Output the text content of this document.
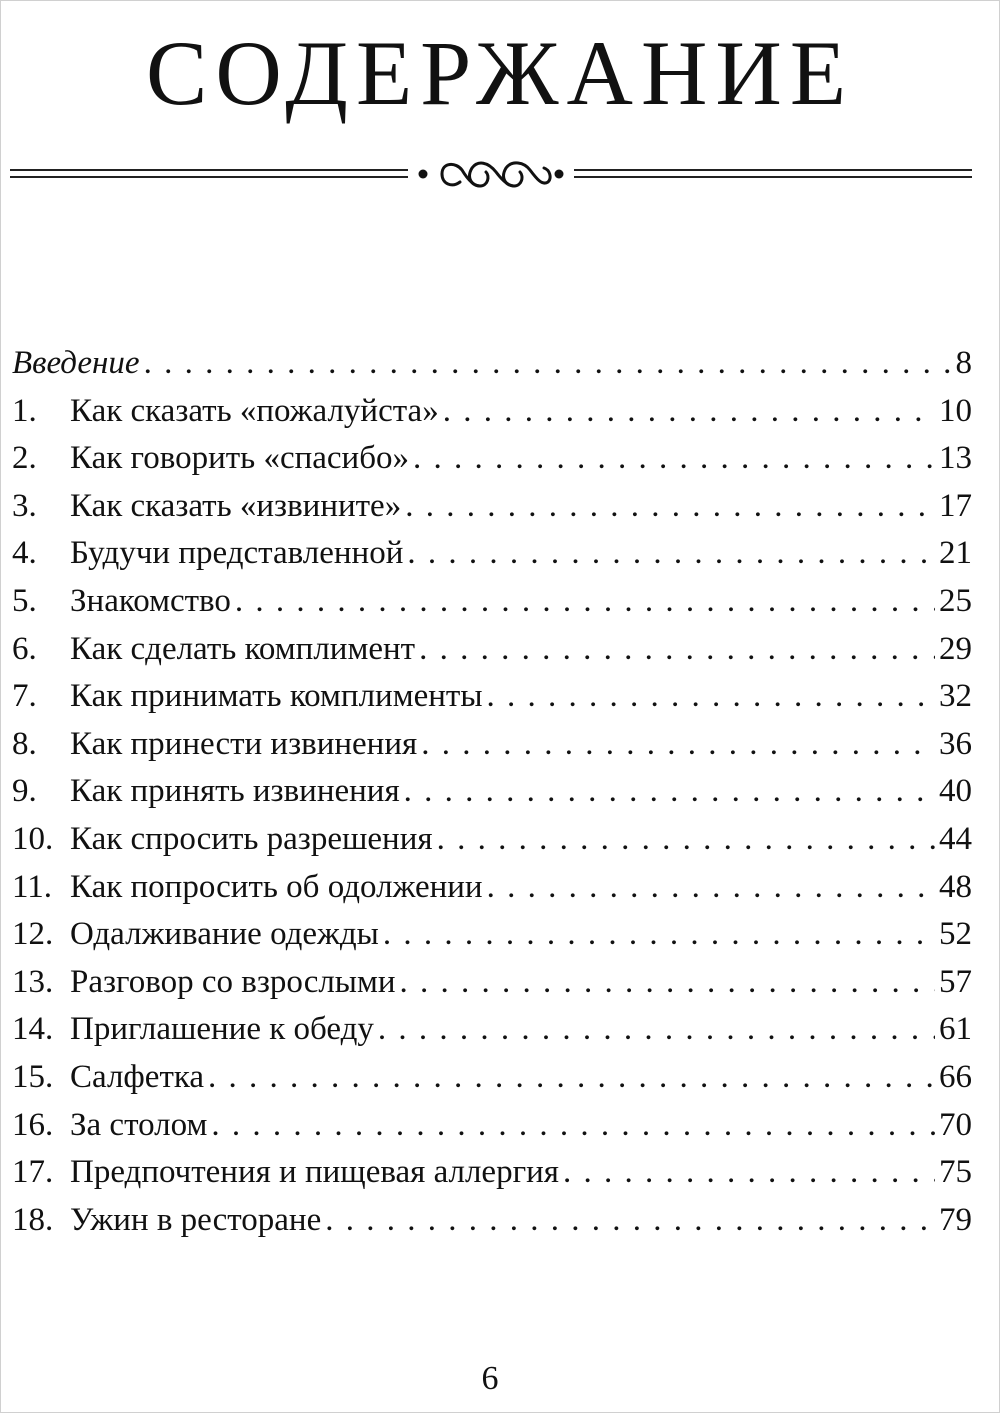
СОДЕРЖАНИЕ
Введение . . .	8
1.	Как сказать «пожалуйста» . . .	10
2.	Как говорить «спасибо» . . .	13
3.	Как сказать «извините» . . .	17
4.	Будучи представленной . . .	21
5.	Знакомство . . .	25
6.	Как сделать комплимент . . .	29
7.	Как принимать комплименты . . .	32
8.	Как принести извинения . . .	36
9.	Как принять извинения . . .	40
10. Как спросить разрешения . . .	44
11. Как попросить об одолжении . . .	48
12. Одалживание одежды . . .	52
13. Разговор со взрослыми . . .	57
14. Приглашение к обеду . . .	61
15. Салфетка . . .	66
16. За столом . . .	70
17. Предпочтения и пищевая аллергия . . .	75
18. Ужин в ресторане . . .	79
6
